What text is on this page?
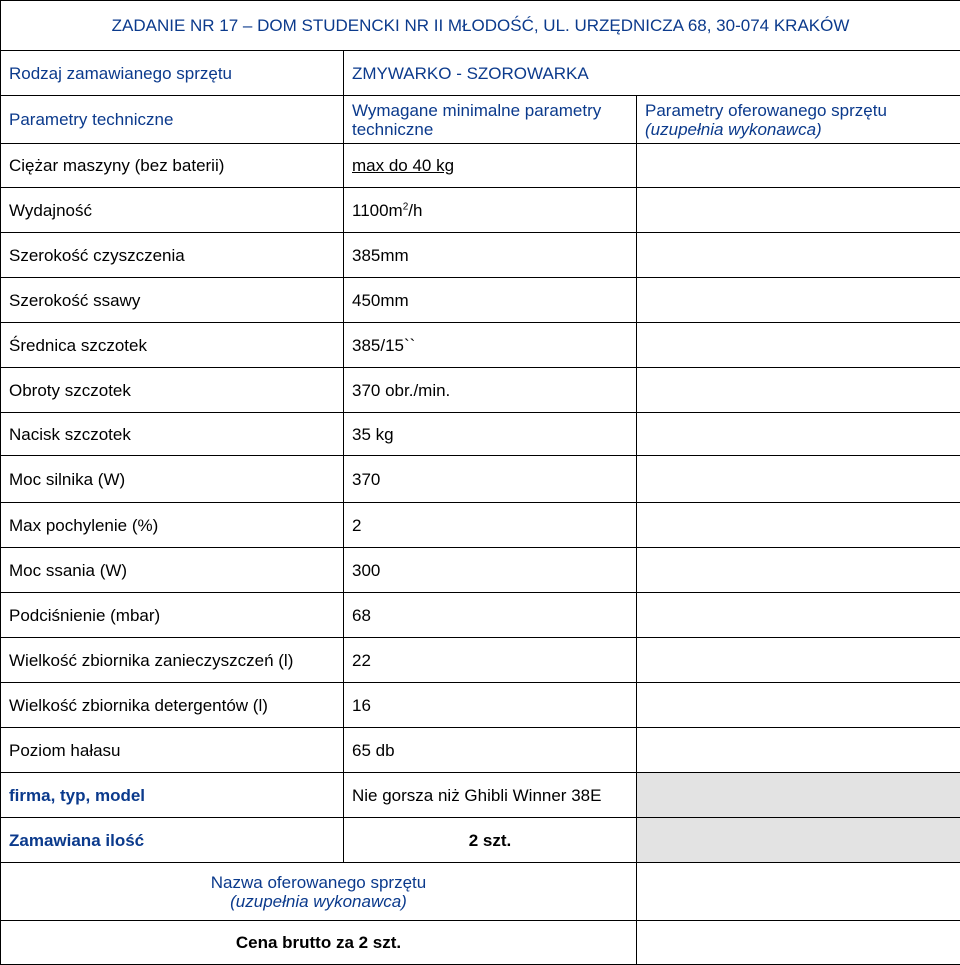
ZADANIE NR 17 – DOM STUDENCKI NR II MŁODOŚĆ, UL. URZĘDNICZA 68, 30-074 KRAKÓW		
Rodzaj zamawianego sprzętu	ZMYWARKO - SZOROWARKA	
Parametry techniczne	Wymagane minimalne parametry techniczne	Parametry oferowanego sprzętu
(uzupełnia wykonawca)
Ciężar maszyny (bez baterii)	max do 40 kg	
Wydajność	$1100m^2/h$	
Szerokość czyszczenia	385mm	
Szerokość ssawy	450mm	
Średnica szczotek	385/15``	
Obroty szczotek	370 obr./min.	
Nacisk szczotek	35 kg	
Moc silnika (W)	370	
Max pochylenie (%)	2	
Moc ssania (W)	300	
Podciśnienie (mbar)	68	
Wielkość zbiornika zanieczyszczeń (l)	22	
Wielkość zbiornika detergentów (l)	16	
Poziom hałasu	65 db	
firma, typ, model	Nie gorsza niż Ghibli Winner 38E	
Zamawiana ilość	2 szt.	
Nazwa oferowanego sprzętu
(uzupełnia wykonawca)		
Cena brutto za 2 szt.		
